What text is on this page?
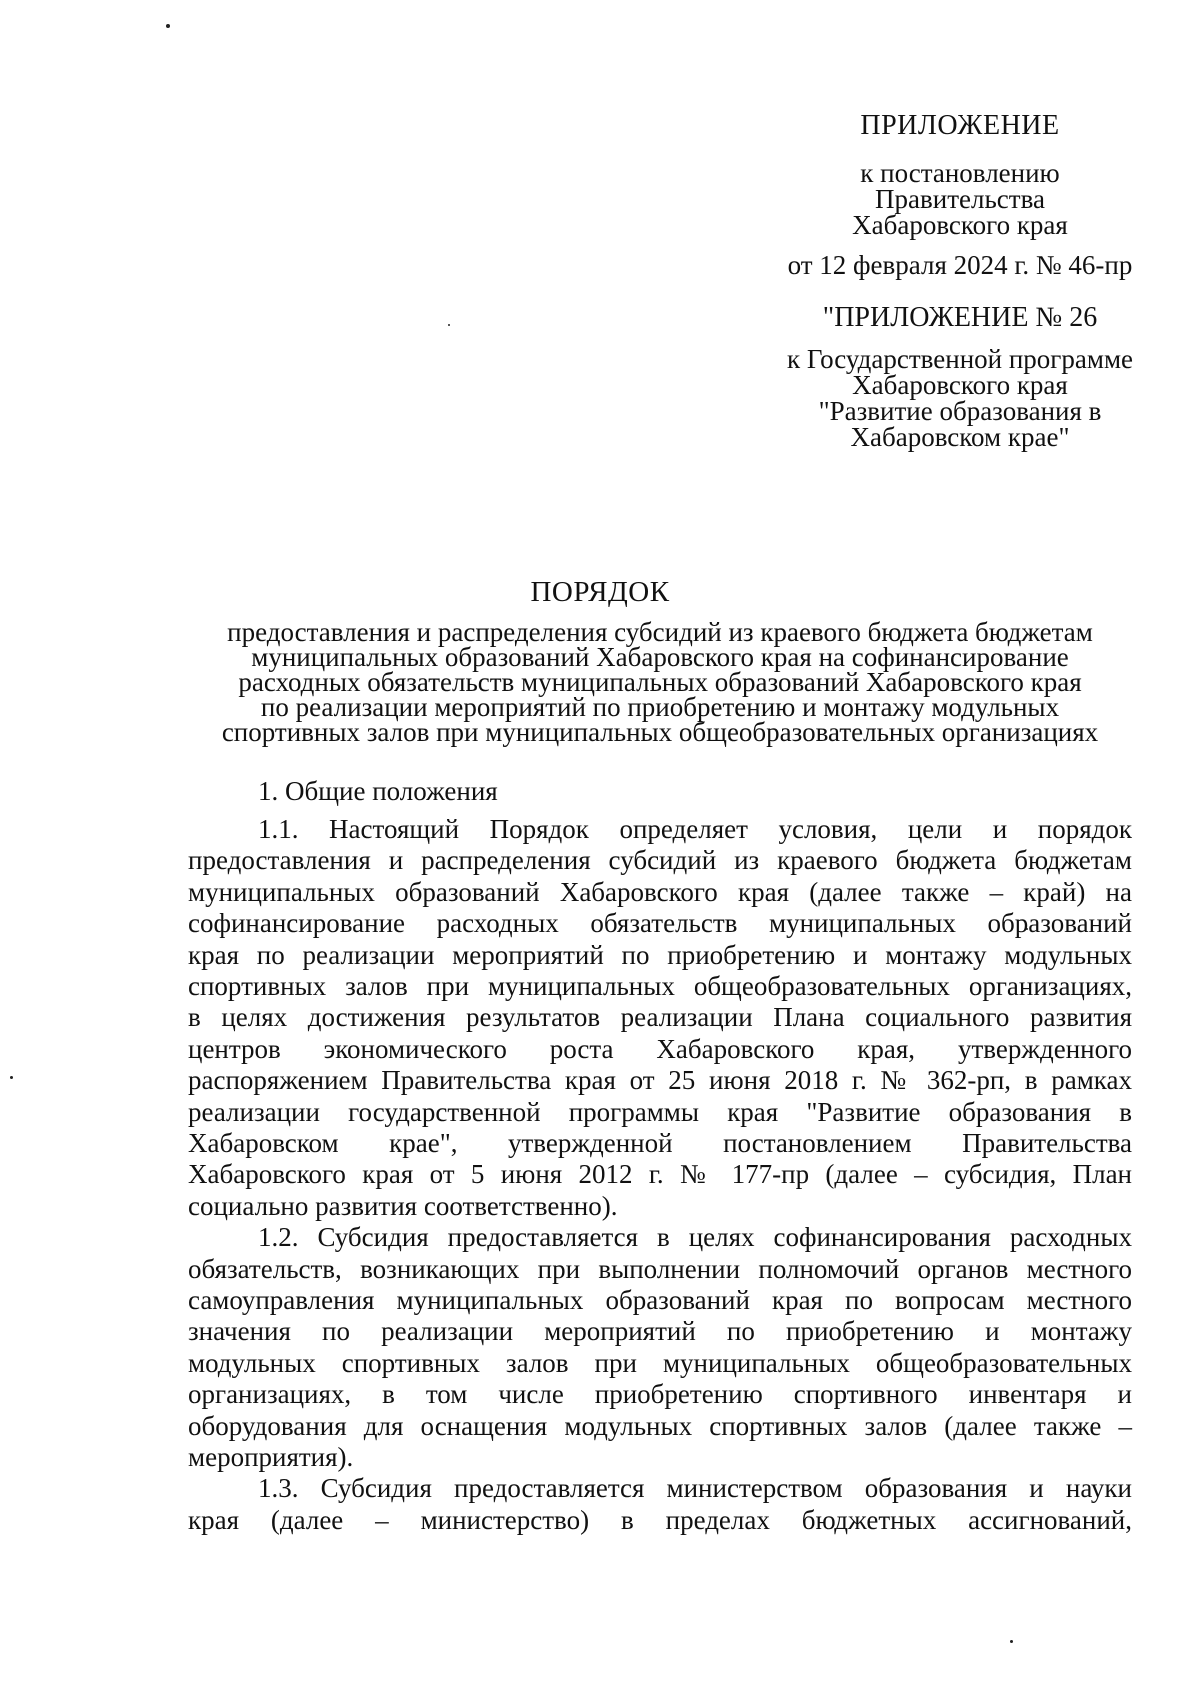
ПРИЛОЖЕНИЕ
к постановлению
Правительства
Хабаровского края
от 12 февраля 2024 г. № 46-пр
"ПРИЛОЖЕНИЕ № 26
к Государственной программе
Хабаровского края
"Развитие образования в
Хабаровском крае"
ПОРЯДОК
предоставления и распределения субсидий из краевого бюджета бюджетам
муниципальных образований Хабаровского края на софинансирование
расходных обязательств муниципальных образований Хабаровского края
по реализации мероприятий по приобретению и монтажу модульных
спортивных залов при муниципальных общеобразовательных организациях
1. Общие положения
1.1. Настоящий Порядок определяет условия, цели и порядок
предоставления и распределения субсидий из краевого бюджета бюджетам
муниципальных образований Хабаровского края (далее также – край) на
софинансирование расходных обязательств муниципальных образований
края по реализации мероприятий по приобретению и монтажу модульных
спортивных залов при муниципальных общеобразовательных организациях,
в целях достижения результатов реализации Плана социального развития
центров экономического роста Хабаровского края, утвержденного
распоряжением Правительства края от 25 июня 2018 г. № 362-рп, в рамках
реализации государственной программы края "Развитие образования в
Хабаровском крае", утвержденной постановлением Правительства
Хабаровского края от 5 июня 2012 г. № 177-пр (далее – субсидия, План
социально развития соответственно).
1.2. Субсидия предоставляется в целях софинансирования расходных
обязательств, возникающих при выполнении полномочий органов местного
самоуправления муниципальных образований края по вопросам местного
значения по реализации мероприятий по приобретению и монтажу
модульных спортивных залов при муниципальных общеобразовательных
организациях, в том числе приобретению спортивного инвентаря и
оборудования для оснащения модульных спортивных залов (далее также –
мероприятия).
1.3. Субсидия предоставляется министерством образования и науки
края (далее – министерство) в пределах бюджетных ассигнований,
